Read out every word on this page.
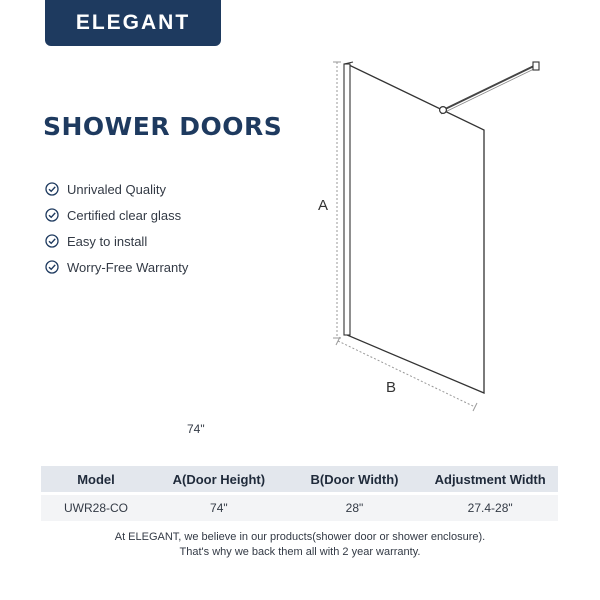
ELEGANT
SHOWER DOORS
Unrivaled Quality
Certified clear glass
Easy to install
Worry-Free Warranty
A
B
74"
Model	A(Door Height)	B(Door Width)	Adjustment Width
UWR28-CO	74"	28"	27.4-28"
At ELEGANT, we believe in our products(shower door or shower enclosure).
That's why we back them all with 2 year warranty.
